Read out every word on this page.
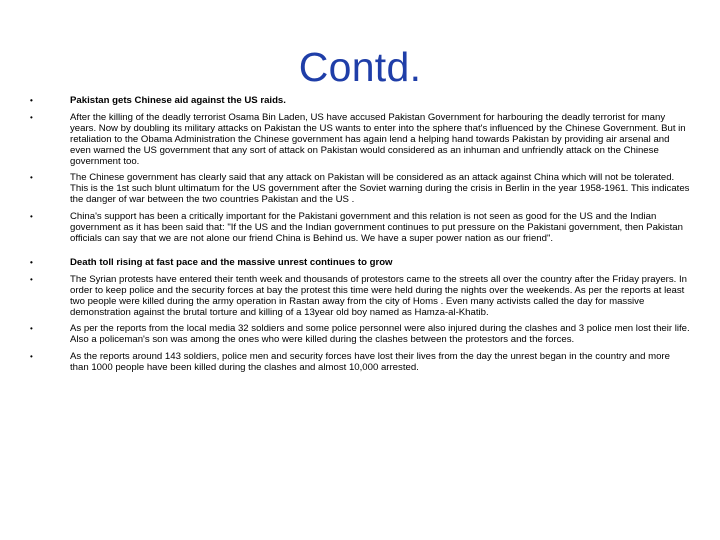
Contd.
•	Pakistan gets Chinese aid against the US raids.
•	After the killing of the deadly terrorist Osama Bin Laden, US have accused Pakistan Government for harbouring the deadly terrorist for many years. Now by doubling its military attacks on Pakistan the US wants to enter into the sphere that's influenced by the Chinese Government. But in retaliation to the Obama Administration the Chinese government has again lend a helping hand towards Pakistan by providing air arsenal and even warned the US government that any sort of attack on Pakistan would considered as an inhuman and unfriendly attack on the Chinese government too.
•	The Chinese government has clearly said that any attack on Pakistan will be considered as an attack against China which will not be tolerated. This is the 1st such blunt ultimatum for the US government after the Soviet warning during the crisis in Berlin in the year 1958-1961. This indicates the danger of war between the two countries Pakistan and the US .
•	China's support has been a critically important for the Pakistani government and this relation is not seen as good for the US and the Indian government as it has been said that: "If the US and the Indian government continues to put pressure on the Pakistani government, then Pakistan officials can say that we are not alone our friend China is Behind us. We have a super power nation as our friend".
•	Death toll rising at fast pace and the massive unrest continues to grow
•	The Syrian protests have entered their tenth week and thousands of protestors came to the streets all over the country after the Friday prayers. In order to keep police and the security forces at bay the protest this time were held during the nights over the weekends. As per the reports at least two people were killed during the army operation in Rastan away from the city of Homs . Even many activists called the day for massive demonstration against the brutal torture and killing of a 13year old boy named as Hamza-al-Khatib.
•	As per the reports from the local media 32 soldiers and some police personnel were also injured during the clashes and 3 police men lost their life. Also a policeman's son was among the ones who were killed during the clashes between the protestors and the forces.
•	As the reports around 143 soldiers, police men and security forces have lost their lives from the day the unrest began in the country and more than 1000 people have been killed during the clashes and almost 10,000 arrested.
